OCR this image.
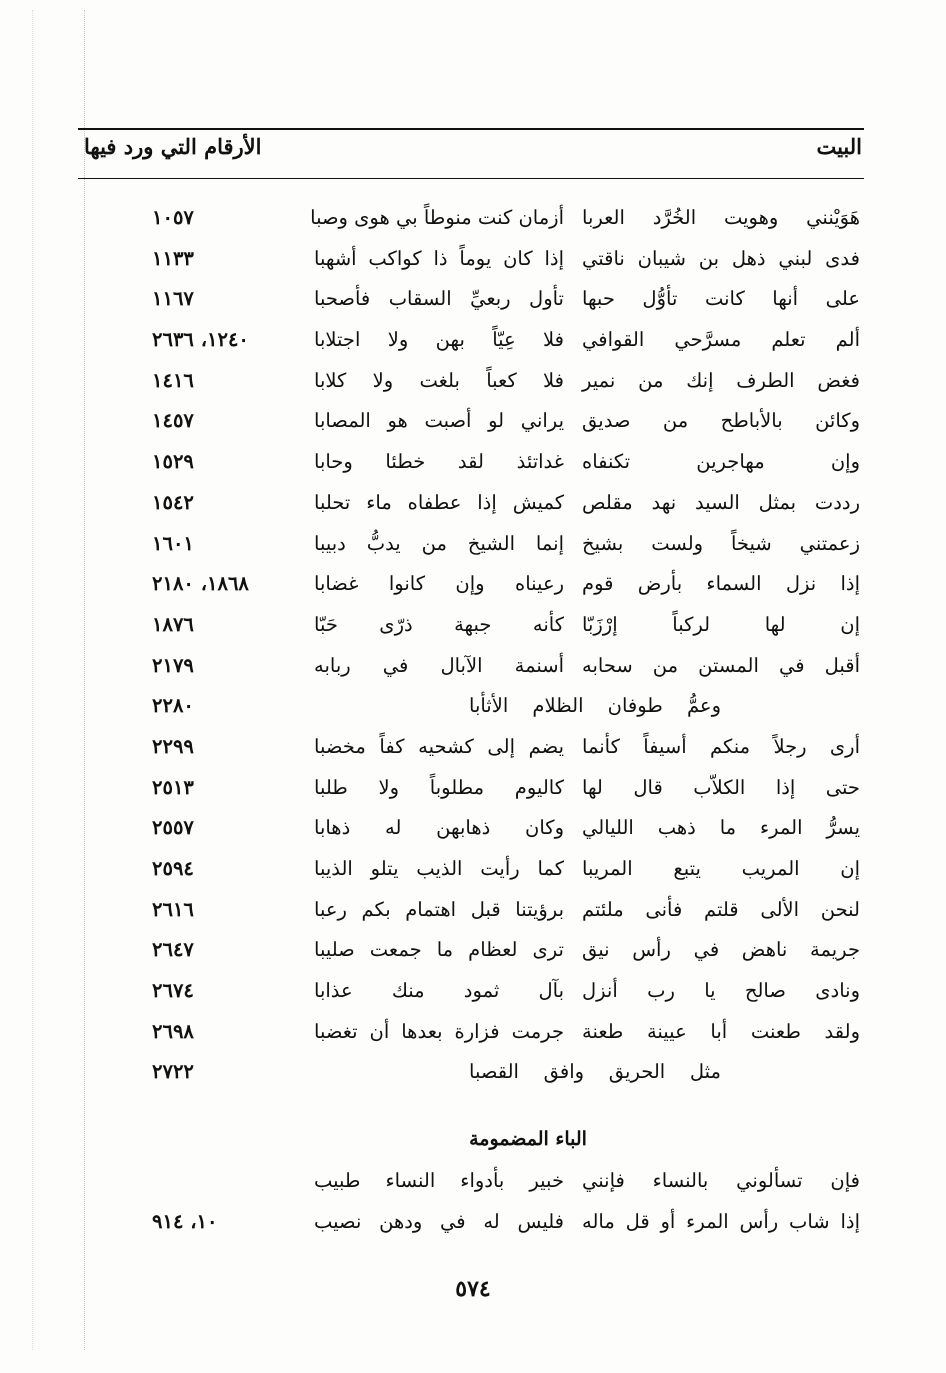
البيت
الأرقام التي ورد فيها
هَوَيْنني وهويت الخُرَّد العربا
أزمان كنت منوطاً بي هوى وصبا
١٠٥٧
فدى لبني ذهل بن شيبان ناقتي
إذا كان يوماً ذا كواكب أشهبا
١١٣٣
على أنها كانت تأوُّل حبها
تأول ربعيِّ السقاب فأصحبا
١١٦٧
ألم تعلم مسرَّحي القوافي
فلا عِيّاً بهن ولا اجتلابا
١٢٤٠، ٢٦٣٦
فغض الطرف إنك من نمير
فلا كعباً بلغت ولا كلابا
١٤١٦
وكائن بالأباطح من صديق
يراني لو أصبت هو المصابا
١٤٥٧
وإن مهاجرين تكنفاه
غداتئذ لقد خطئا وحابا
١٥٢٩
رددت بمثل السيد نهد مقلص
كميش إذا عطفاه ماء تحلبا
١٥٤٢
زعمتني شيخاً ولست بشيخ
إنما الشيخ من يدبُّ دبيبا
١٦٠١
إذا نزل السماء بأرض قوم
رعيناه وإن كانوا غضابا
١٨٦٨، ٢١٨٠
إن لها لركباً إرْزَبّا
كأنه جبهة ذرّى حَبّا
١٨٧٦
أقبل في المستن من سحابه
أسنمة الآبال في ربابه
٢١٧٩
وعمُّ طوفان الظلام الأثأبا
٢٢٨٠
أرى رجلاً منكم أسيفاً كأنما
يضم إلى كشحيه كفاً مخضبا
٢٢٩٩
حتى إذا الكلاّب قال لها
كاليوم مطلوباً ولا طلبا
٢٥١٣
يسرُّ المرء ما ذهب الليالي
وكان ذهابهن له ذهابا
٢٥٥٧
إن المريب يتبع المريبا
كما رأيت الذيب يتلو الذيبا
٢٥٩٤
لنحن الألى قلتم فأنى ملئتم
برؤيتنا قبل اهتمام بكم رعبا
٢٦١٦
جريمة ناهض في رأس نيق
ترى لعظام ما جمعت صليبا
٢٦٤٧
ونادى صالح يا رب أنزل
بآل ثمود منك عذابا
٢٦٧٤
ولقد طعنت أبا عيينة طعنة
جرمت فزارة بعدها أن تغضبا
٢٦٩٨
مثل الحريق وافق القصبا
٢٧٢٢
الباء المضمومة
فإن تسألوني بالنساء فإنني
خبير بأدواء النساء طبيب
إذا شاب رأس المرء أو قل ماله
فليس له في ودهن نصيب
١٠، ٩١٤
٥٧٤
